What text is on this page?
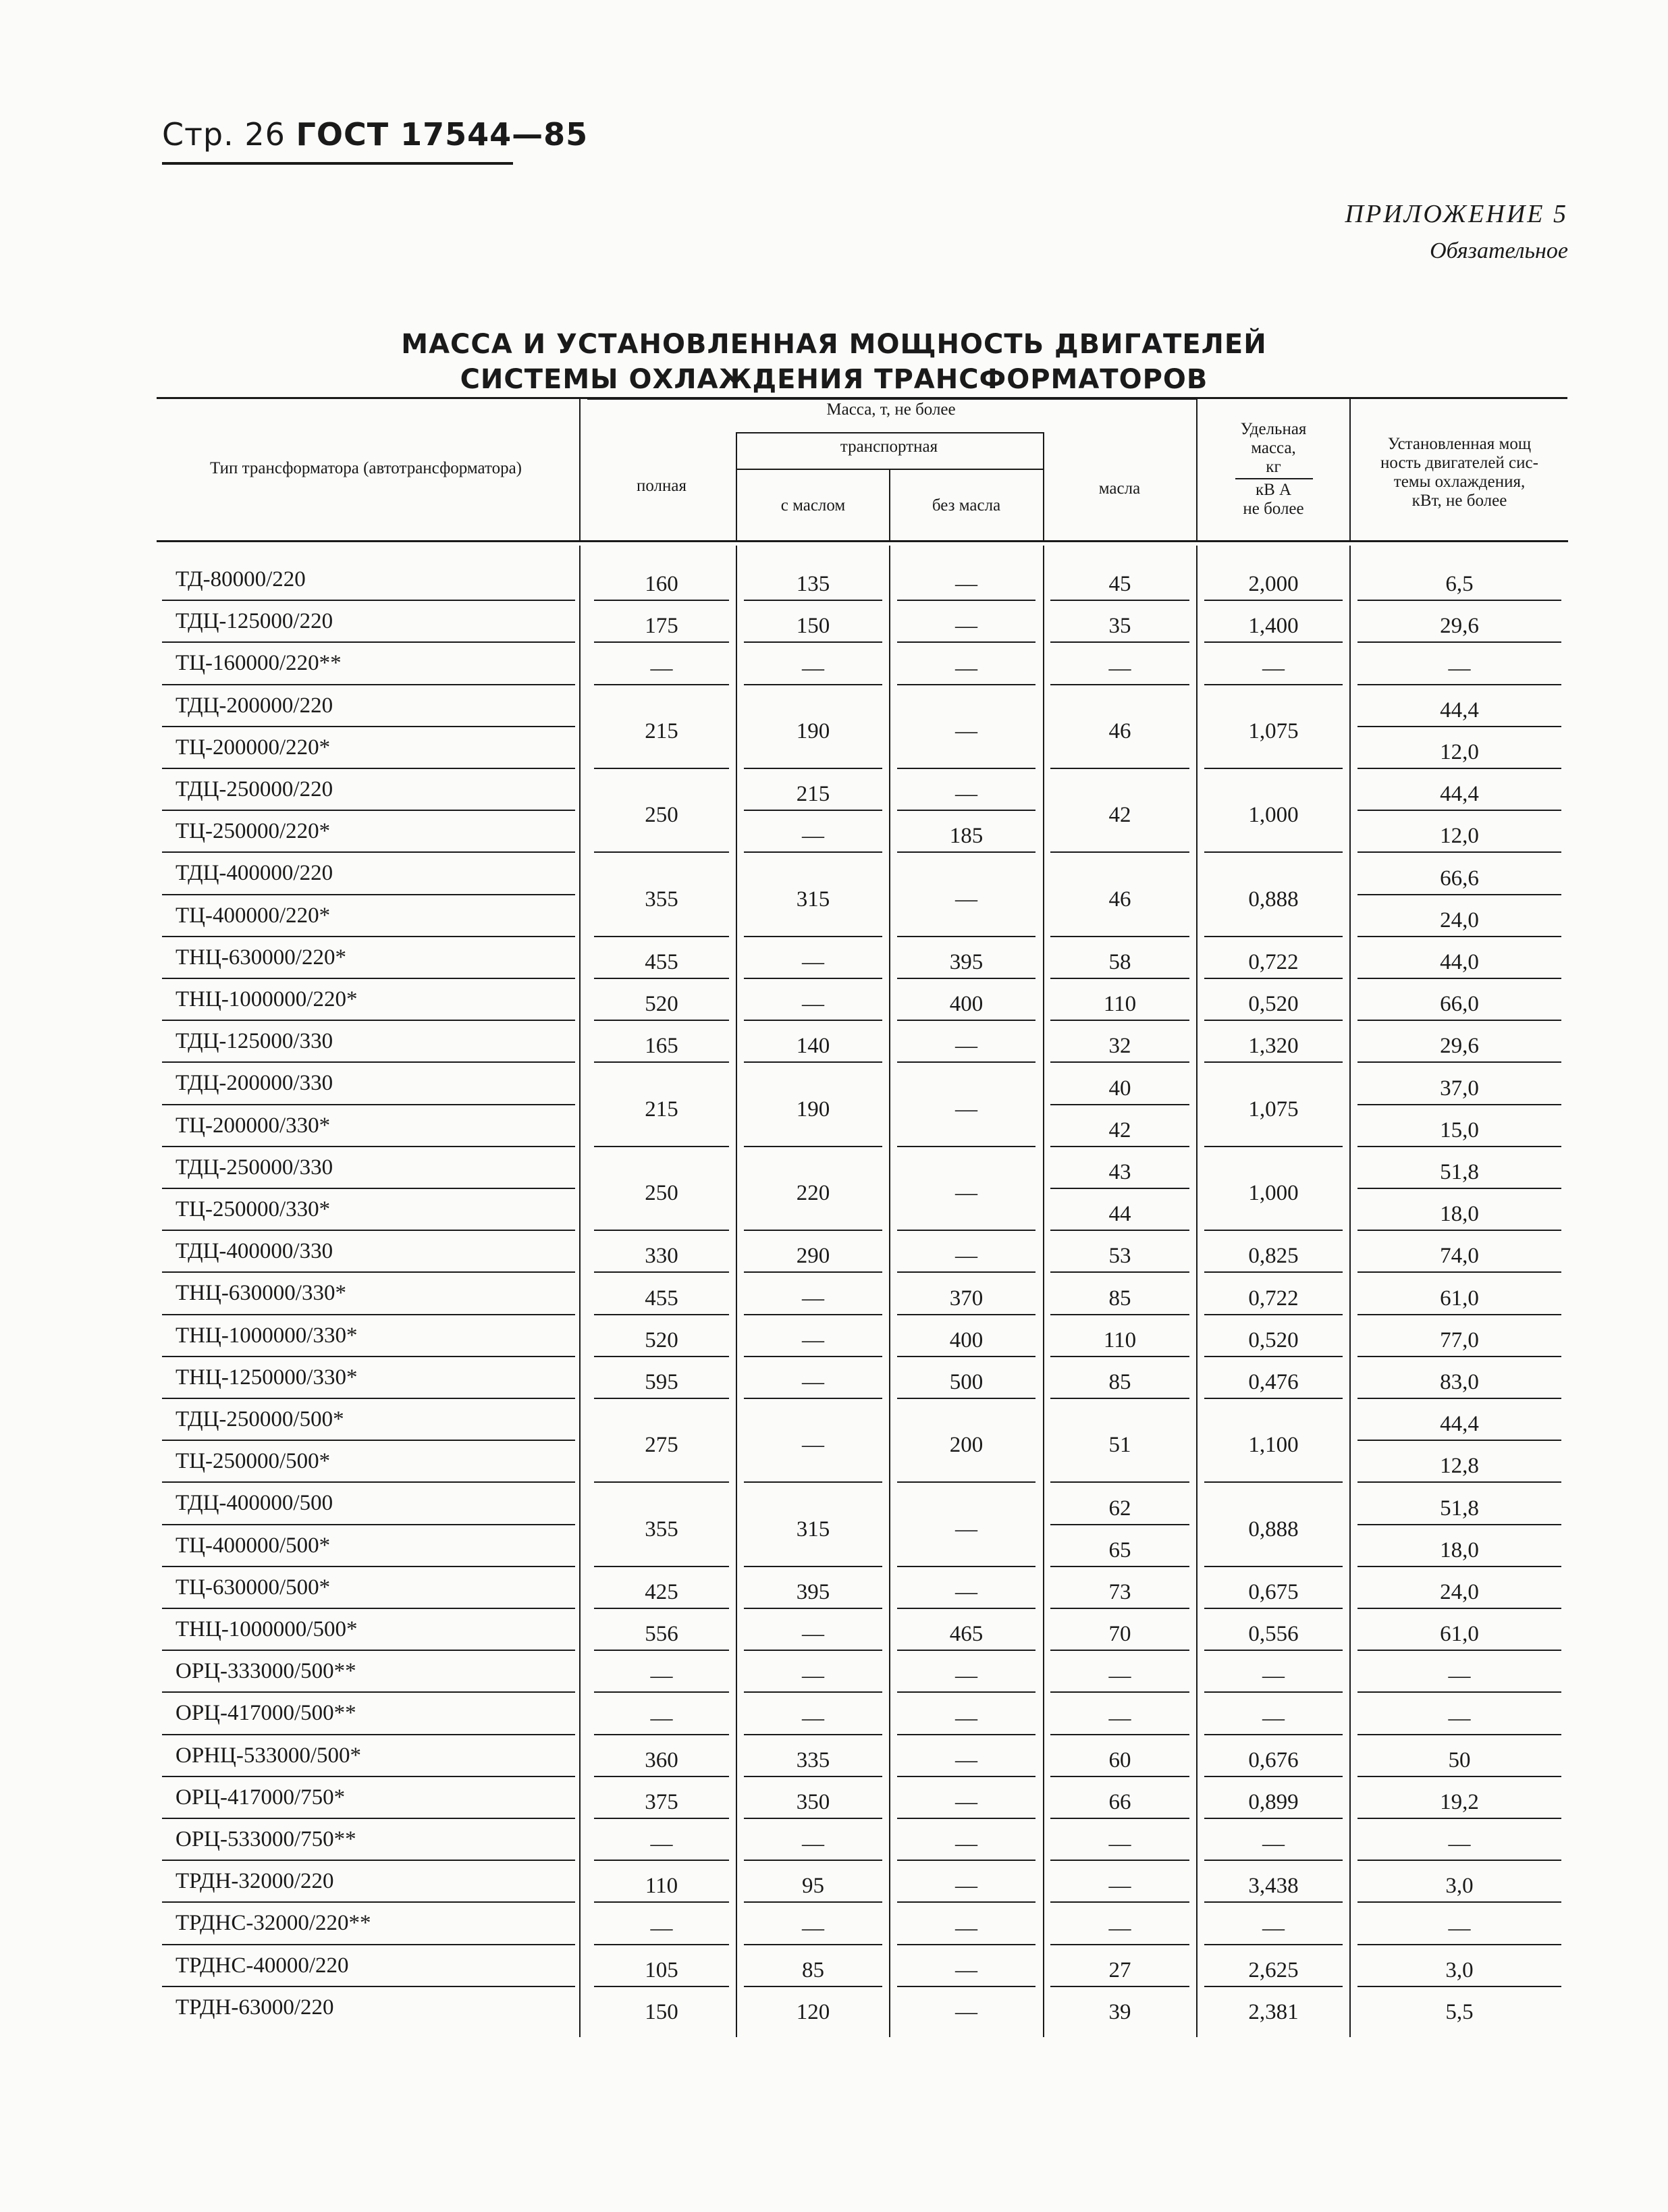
Стр. 26 ГОСТ 17544—85
ПРИЛОЖЕНИЕ 5
Обязательное
МАССА И УСТАНОВЛЕННАЯ МОЩНОСТЬ ДВИГАТЕЛЕЙ
СИСТЕМЫ ОХЛАЖДЕНИЯ ТРАНСФОРМАТОРОВ
Тип трансформатора (автотрансформатора)
Масса, т, не более
полная
транспортная
с маслом	без масла
масла
Удельная
масса,
кг
кВ А
не более
Установленная мощ
ность двигателей сис-
темы охлаждения,
кВт, не более
ТД-80000/220
ТДЦ-125000/220
ТЦ-160000/220**
ТДЦ-200000/220
ТЦ-200000/220*
ТДЦ-250000/220
ТЦ-250000/220*
ТДЦ-400000/220
ТЦ-400000/220*
ТНЦ-630000/220*
ТНЦ-1000000/220*
ТДЦ-125000/330
ТДЦ-200000/330
ТЦ-200000/330*
ТДЦ-250000/330
ТЦ-250000/330*
ТДЦ-400000/330
ТНЦ-630000/330*
ТНЦ-1000000/330*
ТНЦ-1250000/330*
ТДЦ-250000/500*
ТЦ-250000/500*
ТДЦ-400000/500
ТЦ-400000/500*
ТЦ-630000/500*
ТНЦ-1000000/500*
ОРЦ-333000/500**
ОРЦ-417000/500**
ОРНЦ-533000/500*
ОРЦ-417000/750*
ОРЦ-533000/750**
ТРДН-32000/220
ТРДНС-32000/220**
ТРДНС-40000/220
ТРДН-63000/220
160
175
—
215
250
355
455
520
165
215
250
330
455
520
595
275
355
425
556
—
—
360
375
—
110
—
105
150
135
150
—
190
215
—
315
—
—
140
190
220
290
—
—
—
—
315
395
—
—
—
335
350
—
95
—
85
120
—
—
—
—
—
185
—
395
400
—
—
—
—
370
400
500
200
—
—
465
—
—
—
—
—
—
—
—
—
45
35
—
46
42
46
58
110
32
40
42
43
44
53
85
110
85
51
62
65
73
70
—
—
60
66
—
—
—
27
39
2,000
1,400
—
1,075
1,000
0,888
0,722
0,520
1,320
1,075
1,000
0,825
0,722
0,520
0,476
1,100
0,888
0,675
0,556
—
—
0,676
0,899
—
3,438
—
2,625
2,381
6,5
29,6
—
44,4
12,0
44,4
12,0
66,6
24,0
44,0
66,0
29,6
37,0
15,0
51,8
18,0
74,0
61,0
77,0
83,0
44,4
12,8
51,8
18,0
24,0
61,0
—
—
50
19,2
—
3,0
—
3,0
5,5
